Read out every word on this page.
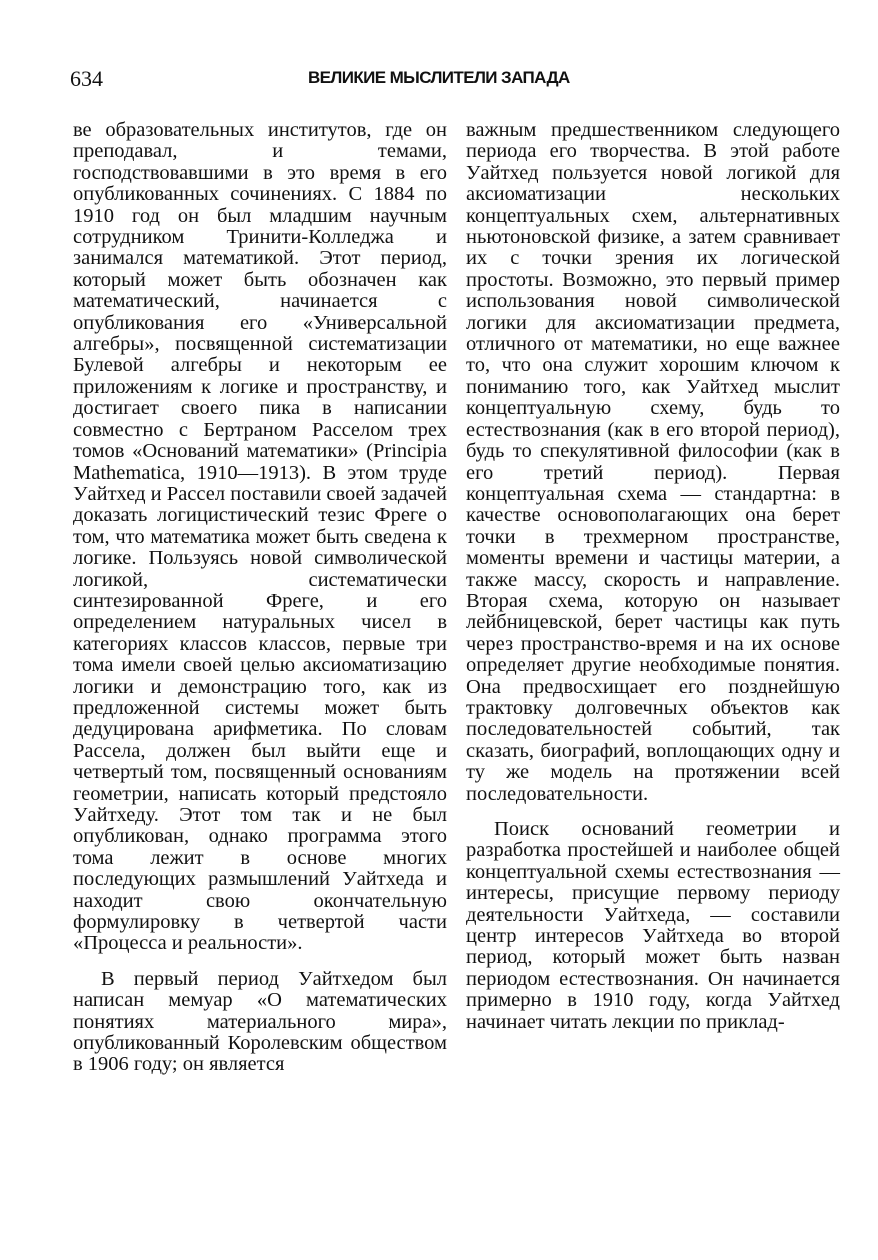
634	ВЕЛИКИЕ МЫСЛИТЕЛИ ЗАПАДА

ве образовательных институтов, где он преподавал, и темами, господствовавшими в это время в его опубликованных сочинениях. С 1884 по 1910 год он был младшим научным сотрудником Тринити-Колледжа и занимался математикой. Этот период, который может быть обозначен как математический, начинается с опубликования его «Универсальной алгебры», посвященной систематизации Булевой алгебры и некоторым ее приложениям к логике и пространству, и достигает своего пика в написании совместно с Бертраном Расселом трех томов «Оснований математики» (Principia Mathematica, 1910—1913). В этом труде Уайтхед и Рассел поставили своей задачей доказать логицистический тезис Фреге о том, что математика может быть сведена к логике. Пользуясь новой символической логикой, систематически синтезированной Фреге, и его определением натуральных чисел в категориях классов классов, первые три тома имели своей целью аксиоматизацию логики и демонстрацию того, как из предложенной системы может быть дедуцирована арифметика. По словам Рассела, должен был выйти еще и четвертый том, посвященный основаниям геометрии, написать который предстояло Уайтхеду. Этот том так и не был опубликован, однако программа этого тома лежит в основе многих последующих размышлений Уайтхеда и находит свою окончательную формулировку в четвертой части «Процесса и реальности».

В первый период Уайтхедом был написан мемуар «О математических понятиях материального мира», опубликованный Королевским обществом в 1906 году; он является

важным предшественником следующего периода его творчества. В этой работе Уайтхед пользуется новой логикой для аксиоматизации нескольких концептуальных схем, альтернативных ньютоновской физике, а затем сравнивает их с точки зрения их логической простоты. Возможно, это первый пример использования новой символической логики для аксиоматизации предмета, отличного от математики, но еще важнее то, что она служит хорошим ключом к пониманию того, как Уайтхед мыслит концептуальную схему, будь то естествознания (как в его второй период), будь то спекулятивной философии (как в его третий период). Первая концептуальная схема — стандартна: в качестве основополагающих она берет точки в трехмерном пространстве, моменты времени и частицы материи, а также массу, скорость и направление. Вторая схема, которую он называет лейбницевской, берет частицы как путь через пространство-время и на их основе определяет другие необходимые понятия. Она предвосхищает его позднейшую трактовку долговечных объектов как последовательностей событий, так сказать, биографий, воплощающих одну и ту же модель на протяжении всей последовательности.

Поиск оснований геометрии и разработка простейшей и наиболее общей концептуальной схемы естествознания — интересы, присущие первому периоду деятельности Уайтхеда, — составили центр интересов Уайтхеда во второй период, который может быть назван периодом естествознания. Он начинается примерно в 1910 году, когда Уайтхед начинает читать лекции по приклад-
